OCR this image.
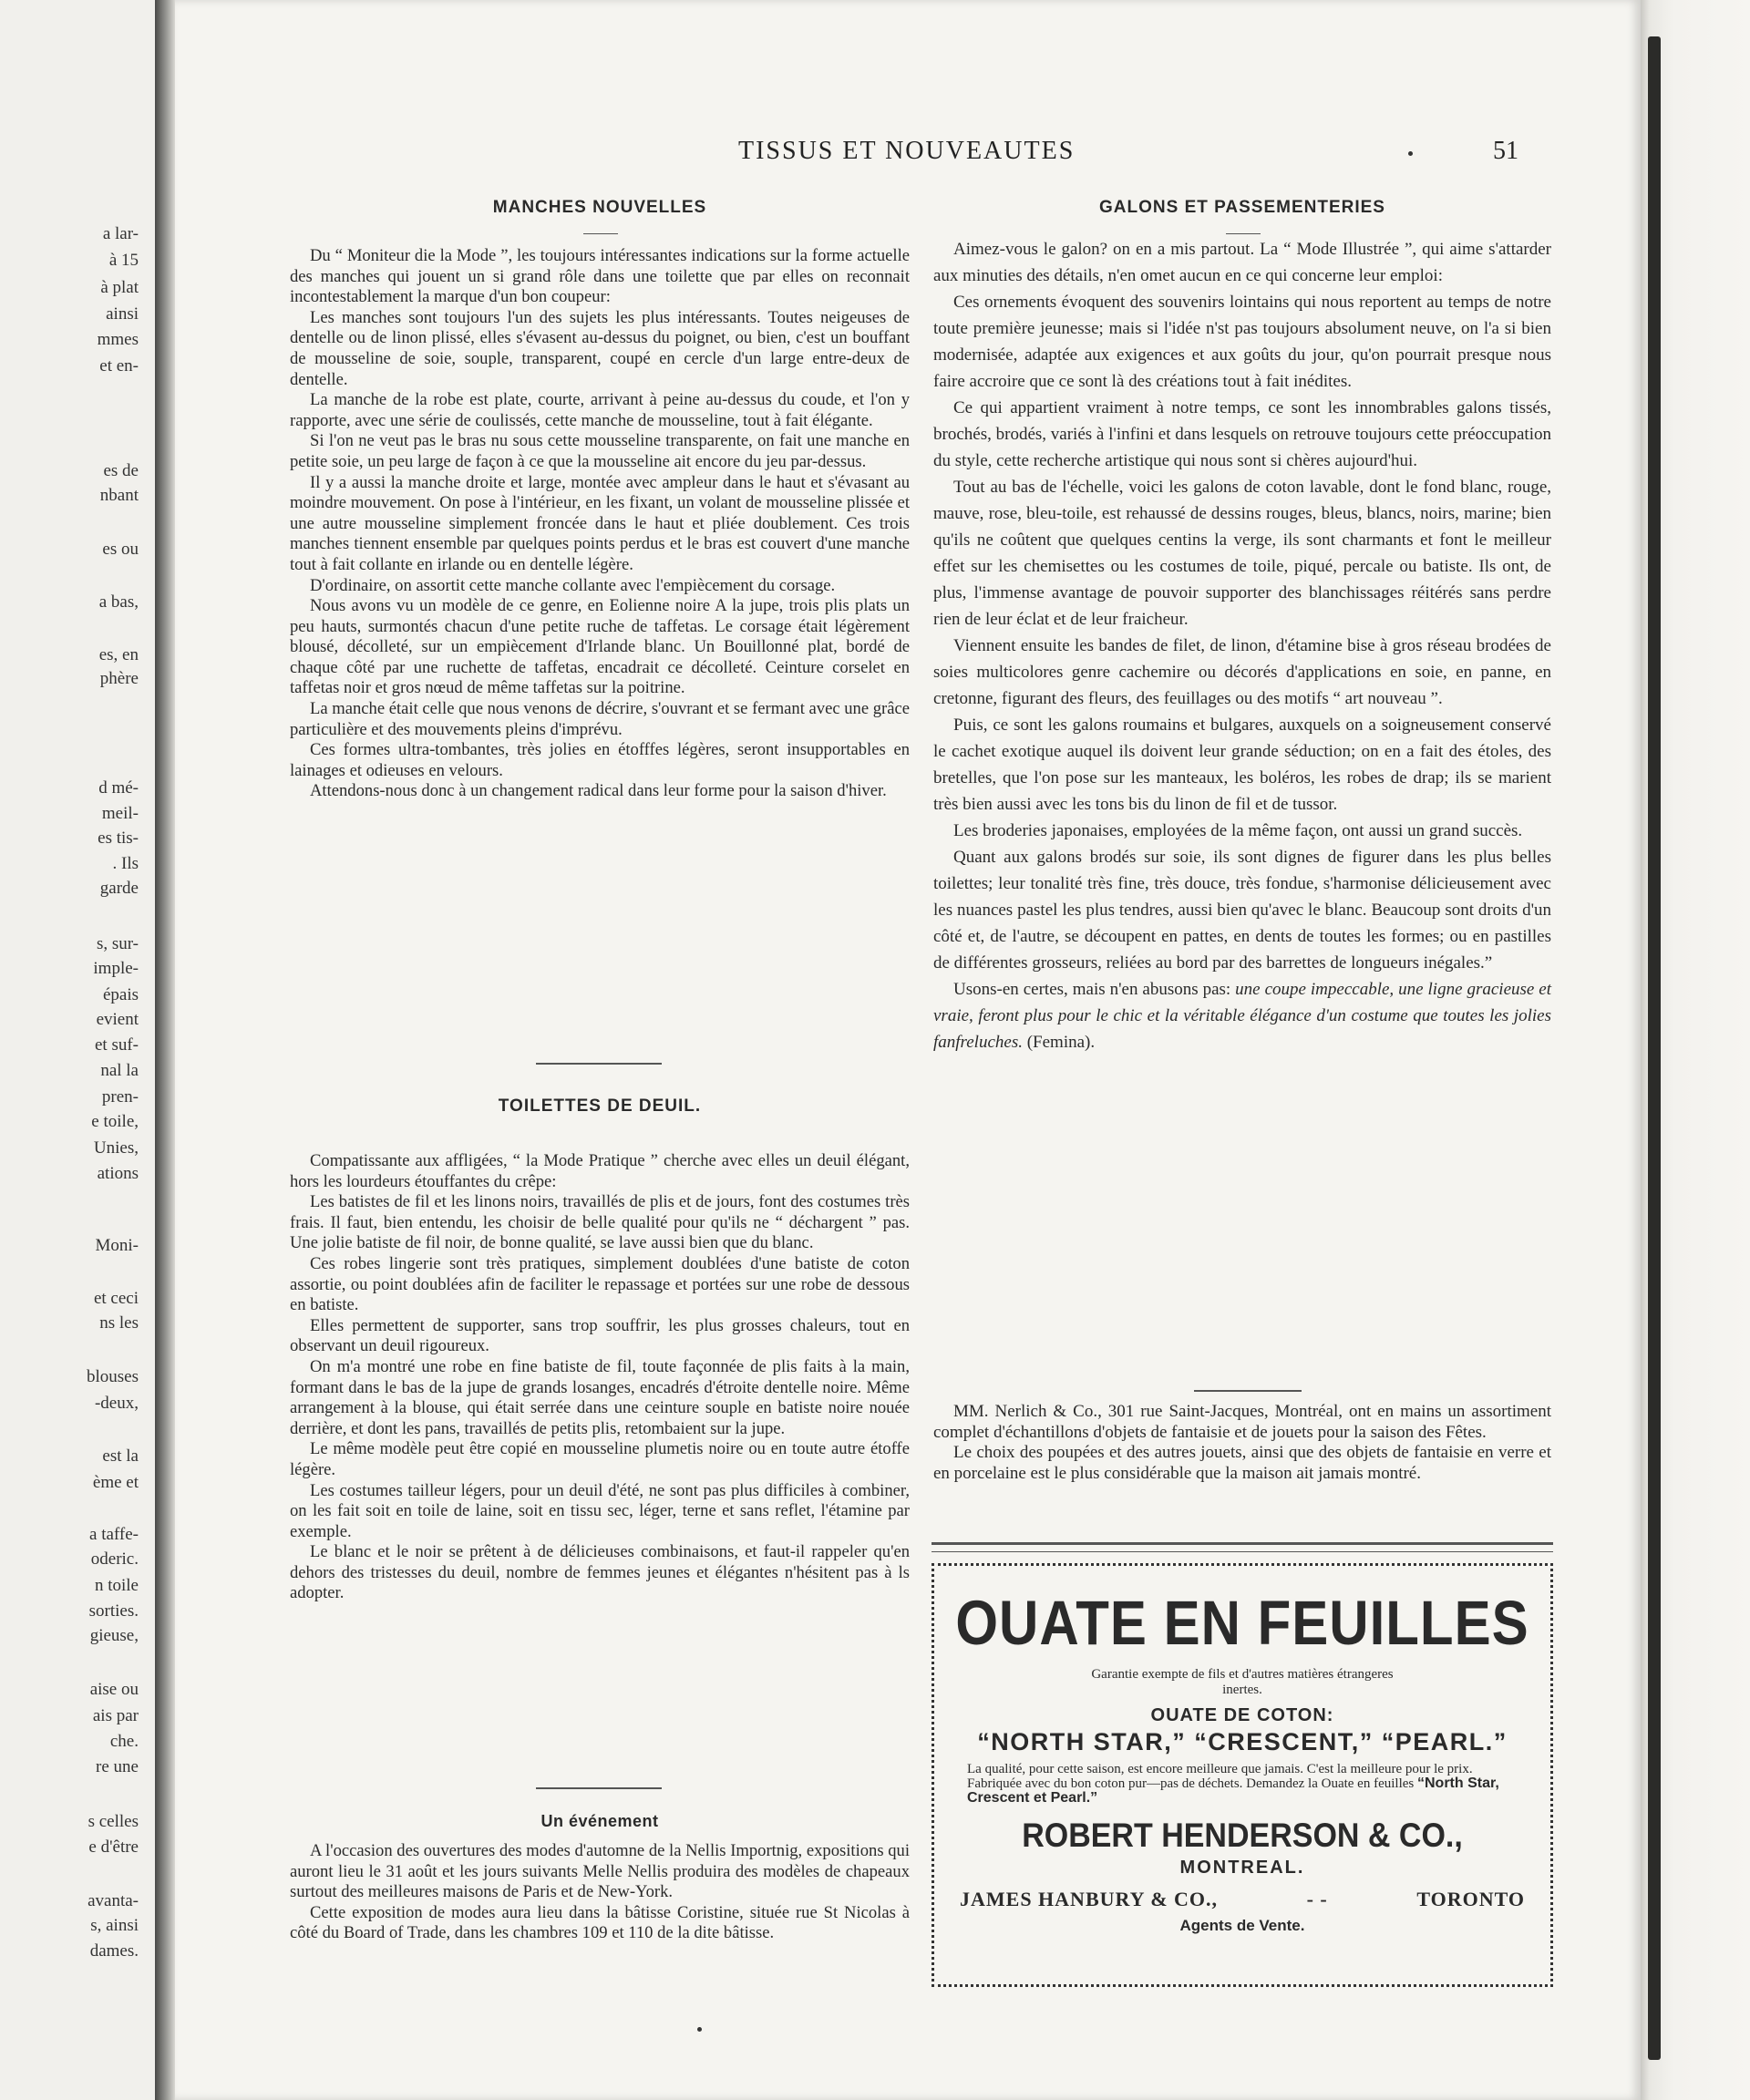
a lar-
à 15
à plat
ainsi
mmes
et en-
es de
nbant
es ou
a bas,
es, en
phère
d mé-
meil-
es tis-
. Ils
garde
s, sur-
imple-
épais
evient
et suf-
nal la
pren-
e toile,
Unies,
ations
Moni-
et ceci
ns les
blouses
-deux,
est la
ème et
a taffe-
oderic.
n toile
sorties.
gieuse,
aise ou
ais par
che.
re une
s celles
e d'être
avanta-
s, ainsi
dames.
TISSUS ET NOUVEAUTES	51
MANCHES NOUVELLES

Du “ Moniteur die la Mode ”, les toujours intéressantes indications sur la forme actuelle des manches qui jouent un si grand rôle dans une toilette que par elles on reconnait incontestablement la marque d'un bon coupeur:

Les manches sont toujours l'un des sujets les plus intéressants. Toutes neigeuses de dentelle ou de linon plissé, elles s'évasent au-dessus du poignet, ou bien, c'est un bouffant de mousseline de soie, souple, transparent, coupé en cercle d'un large entre-deux de dentelle.

La manche de la robe est plate, courte, arrivant à peine au-dessus du coude, et l'on y rapporte, avec une série de coulissés, cette manche de mousseline, tout à fait élégante.

Si l'on ne veut pas le bras nu sous cette mousseline transparente, on fait une manche en petite soie, un peu large de façon à ce que la mousseline ait encore du jeu par-dessus.

Il y a aussi la manche droite et large, montée avec ampleur dans le haut et s'évasant au moindre mouvement. On pose à l'intérieur, en les fixant, un volant de mousseline plissée et une autre mousseline simplement froncée dans le haut et pliée doublement. Ces trois manches tiennent ensemble par quelques points perdus et le bras est couvert d'une manche tout à fait collante en irlande ou en dentelle légère.

D'ordinaire, on assortit cette manche collante avec l'empiècement du corsage.

Nous avons vu un modèle de ce genre, en Eolienne noire A la jupe, trois plis plats un peu hauts, surmontés chacun d'une petite ruche de taffetas. Le corsage était légèrement blousé, décolleté, sur un empiècement d'Irlande blanc. Un Bouillonné plat, bordé de chaque côté par une ruchette de taffetas, encadrait ce décolleté. Ceinture corselet en taffetas noir et gros nœud de même taffetas sur la poitrine.

La manche était celle que nous venons de décrire, s'ouvrant et se fermant avec une grâce particulière et des mouvements pleins d'imprévu.

Ces formes ultra-tombantes, très jolies en étofffes légères, seront insupportables en lainages et odieuses en velours.

Attendons-nous donc à un changement radical dans leur forme pour la saison d'hiver.

TOILETTES DE DEUIL.

Compatissante aux affligées, “ la Mode Pratique ” cherche avec elles un deuil élégant, hors les lourdeurs étouffantes du crêpe:

Les batistes de fil et les linons noirs, travaillés de plis et de jours, font des costumes très frais. Il faut, bien entendu, les choisir de belle qualité pour qu'ils ne “ déchargent ” pas. Une jolie batiste de fil noir, de bonne qualité, se lave aussi bien que du blanc.

Ces robes lingerie sont très pratiques, simplement doublées d'une batiste de coton assortie, ou point doublées afin de faciliter le repassage et portées sur une robe de dessous en batiste.

Elles permettent de supporter, sans trop souffrir, les plus grosses chaleurs, tout en observant un deuil rigoureux.

On m'a montré une robe en fine batiste de fil, toute façonnée de plis faits à la main, formant dans le bas de la jupe de grands losanges, encadrés d'étroite dentelle noire. Même arrangement à la blouse, qui était serrée dans une ceinture souple en batiste noire nouée derrière, et dont les pans, travaillés de petits plis, retombaient sur la jupe.

Le même modèle peut être copié en mousseline plumetis noire ou en toute autre étoffe légère.

Les costumes tailleur légers, pour un deuil d'été, ne sont pas plus difficiles à combiner, on les fait soit en toile de laine, soit en tissu sec, léger, terne et sans reflet, l'étamine par exemple.

Le blanc et le noir se prêtent à de délicieuses combinaisons, et faut-il rappeler qu'en dehors des tristesses du deuil, nombre de femmes jeunes et élégantes n'hésitent pas à ls adopter.

Un événement

A l'occasion des ouvertures des modes d'automne de la Nellis Importnig, expositions qui auront lieu le 31 août et les jours suivants Melle Nellis produira des modèles de chapeaux surtout des meilleures maisons de Paris et de New-York.

Cette exposition de modes aura lieu dans la bâtisse Coristine, située rue St Nicolas à côté du Board of Trade, dans les chambres 109 et 110 de la dite bâtisse.

GALONS ET PASSEMENTERIES

Aimez-vous le galon? on en a mis partout. La “ Mode Illustrée ”, qui aime s'attarder aux minuties des détails, n'en omet aucun en ce qui concerne leur emploi:

Ces ornements évoquent des souvenirs lointains qui nous reportent au temps de notre toute première jeunesse; mais si l'idée n'st pas toujours absolument neuve, on l'a si bien modernisée, adaptée aux exigences et aux goûts du jour, qu'on pourrait presque nous faire accroire que ce sont là des créations tout à fait inédites.

Ce qui appartient vraiment à notre temps, ce sont les innombrables galons tissés, brochés, brodés, variés à l'infini et dans lesquels on retrouve toujours cette préoccupation du style, cette recherche artistique qui nous sont si chères aujourd'hui.

Tout au bas de l'échelle, voici les galons de coton lavable, dont le fond blanc, rouge, mauve, rose, bleu-toile, est rehaussé de dessins rouges, bleus, blancs, noirs, marine; bien qu'ils ne coûtent que quelques centins la verge, ils sont charmants et font le meilleur effet sur les chemisettes ou les costumes de toile, piqué, percale ou batiste. Ils ont, de plus, l'immense avantage de pouvoir supporter des blanchissages réitérés sans perdre rien de leur éclat et de leur fraicheur.

Viennent ensuite les bandes de filet, de linon, d'étamine bise à gros réseau brodées de soies multicolores genre cachemire ou décorés d'applications en soie, en panne, en cretonne, figurant des fleurs, des feuillages ou des motifs “ art nouveau ”.

Puis, ce sont les galons roumains et bulgares, auxquels on a soigneusement conservé le cachet exotique auquel ils doivent leur grande séduction; on en a fait des étoles, des bretelles, que l'on pose sur les manteaux, les boléros, les robes de drap; ils se marient très bien aussi avec les tons bis du linon de fil et de tussor.

Les broderies japonaises, employées de la même façon, ont aussi un grand succès.

Quant aux galons brodés sur soie, ils sont dignes de figurer dans les plus belles toilettes; leur tonalité très fine, très douce, très fondue, s'harmonise délicieusement avec les nuances pastel les plus tendres, aussi bien qu'avec le blanc. Beaucoup sont droits d'un côté et, de l'autre, se découpent en pattes, en dents de toutes les formes; ou en pastilles de différentes grosseurs, reliées au bord par des barrettes de longueurs inégales.”

Usons-en certes, mais n'en abusons pas: une coupe impeccable, une ligne gracieuse et vraie, feront plus pour le chic et la véritable élégance d'un costume que toutes les jolies fanfreluches. (Femina).

MM. Nerlich & Co., 301 rue Saint-Jacques, Montréal, ont en mains un assortiment complet d'échantillons d'objets de fantaisie et de jouets pour la saison des Fêtes.

Le choix des poupées et des autres jouets, ainsi que des objets de fantaisie en verre et en porcelaine est le plus considérable que la maison ait jamais montré.

OUATE EN FEUILLES
Garantie exempte de fils et d'autres matières étrangeres inertes.
OUATE DE COTON:
“NORTH STAR,” “CRESCENT,” “PEARL.”
La qualité, pour cette saison, est encore meilleure que jamais. C'est la meilleure pour le prix. Fabriquée avec du bon coton pur—pas de déchets. Demandez la Ouate en feuilles “North Star, Crescent et Pearl.”
ROBERT HENDERSON & CO.,
MONTREAL.
JAMES HANBURY & CO.,	- -	TORONTO
Agents de Vente.
